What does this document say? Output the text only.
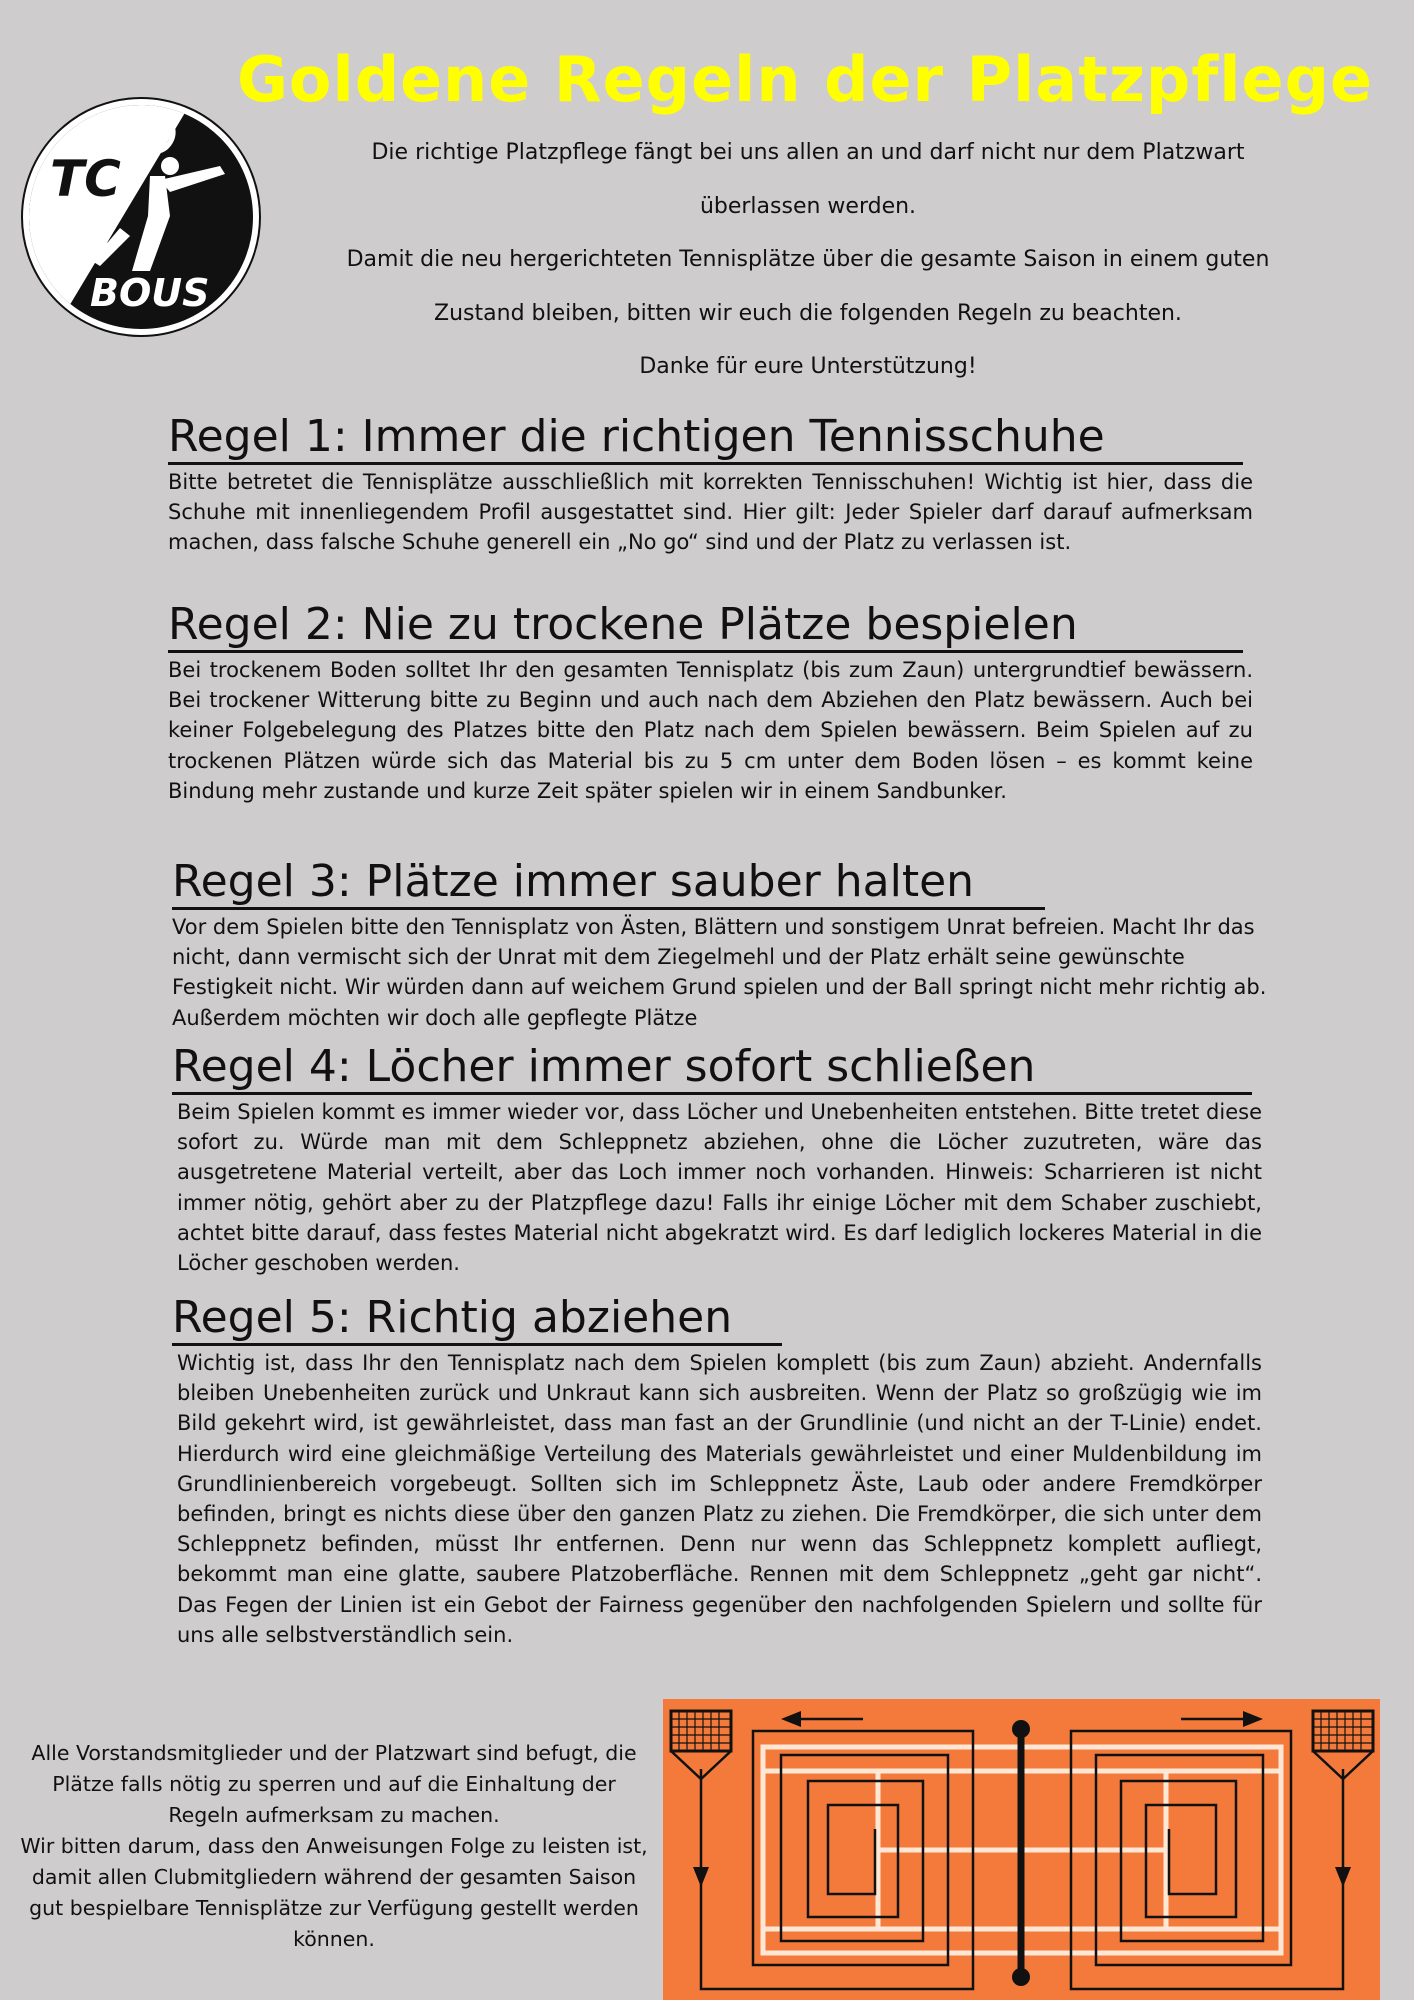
TC
BOUS
Goldene Regeln der Platzpflege

Die richtige Platzpflege fängt bei uns allen an und darf nicht nur dem Platzwart

überlassen werden.

Damit die neu hergerichteten Tennisplätze über die gesamte Saison in einem guten

Zustand bleiben, bitten wir euch die folgenden Regeln zu beachten.

Danke für eure Unterstützung!

Regel 1: Immer die richtigen Tennisschuhe
Bitte betretet die Tennisplätze ausschließlich mit korrekten Tennisschuhen! Wichtig ist hier, dass die Schuhe mit innenliegendem Profil ausgestattet sind. Hier gilt: Jeder Spieler darf darauf aufmerksam machen, dass falsche Schuhe generell ein „No go“ sind und der Platz zu verlassen ist.
Regel 2: Nie zu trockene Plätze bespielen
Bei trockenem Boden solltet Ihr den gesamten Tennisplatz (bis zum Zaun) untergrundtief bewässern. Bei trockener Witterung bitte zu Beginn und auch nach dem Abziehen den Platz bewässern. Auch bei keiner Folgebelegung des Platzes bitte den Platz nach dem Spielen bewässern. Beim Spielen auf zu trockenen Plätzen würde sich das Material bis zu 5 cm unter dem Boden lösen – es kommt keine Bindung mehr zustande und kurze Zeit später spielen wir in einem Sandbunker.
Regel 3: Plätze immer sauber halten
Vor dem Spielen bitte den Tennisplatz von Ästen, Blättern und sonstigem Unrat befreien. Macht Ihr das nicht, dann vermischt sich der Unrat mit dem Ziegelmehl und der Platz erhält seine gewünschte Festigkeit nicht. Wir würden dann auf weichem Grund spielen und der Ball springt nicht mehr richtig ab. Außerdem möchten wir doch alle gepflegte Plätze
Regel 4: Löcher immer sofort schließen
Beim Spielen kommt es immer wieder vor, dass Löcher und Unebenheiten entstehen. Bitte tretet diese sofort zu. Würde man mit dem Schleppnetz abziehen, ohne die Löcher zuzutreten, wäre das ausgetretene Material verteilt, aber das Loch immer noch vorhanden. Hinweis: Scharrieren ist nicht immer nötig, gehört aber zu der Platzpflege dazu! Falls ihr einige Löcher mit dem Schaber zuschiebt, achtet bitte darauf, dass festes Material nicht abgekratzt wird. Es darf lediglich lockeres Material in die Löcher geschoben werden.
Regel 5: Richtig abziehen
Wichtig ist, dass Ihr den Tennisplatz nach dem Spielen komplett (bis zum Zaun) abzieht. Andernfalls bleiben Unebenheiten zurück und Unkraut kann sich ausbreiten. Wenn der Platz so großzügig wie im Bild gekehrt wird, ist gewährleistet, dass man fast an der Grundlinie (und nicht an der T-Linie) endet. Hierdurch wird eine gleichmäßige Verteilung des Materials gewährleistet und einer Muldenbildung im Grundlinienbereich vorgebeugt. Sollten sich im Schleppnetz Äste, Laub oder andere Fremdkörper befinden, bringt es nichts diese über den ganzen Platz zu ziehen. Die Fremdkörper, die sich unter dem Schleppnetz befinden, müsst Ihr entfernen. Denn nur wenn das Schleppnetz komplett aufliegt, bekommt man eine glatte, saubere Platzoberfläche. Rennen mit dem Schleppnetz „geht gar nicht“. Das Fegen der Linien ist ein Gebot der Fairness gegenüber den nachfolgenden Spielern und sollte für uns alle selbstverständlich sein.

Alle Vorstandsmitglieder und der Platzwart sind befugt, die Plätze falls nötig zu sperren und auf die Einhaltung der Regeln aufmerksam zu machen.

Wir bitten darum, dass den Anweisungen Folge zu leisten ist, damit allen Clubmitgliedern während der gesamten Saison gut bespielbare Tennisplätze zur Verfügung gestellt werden können.
